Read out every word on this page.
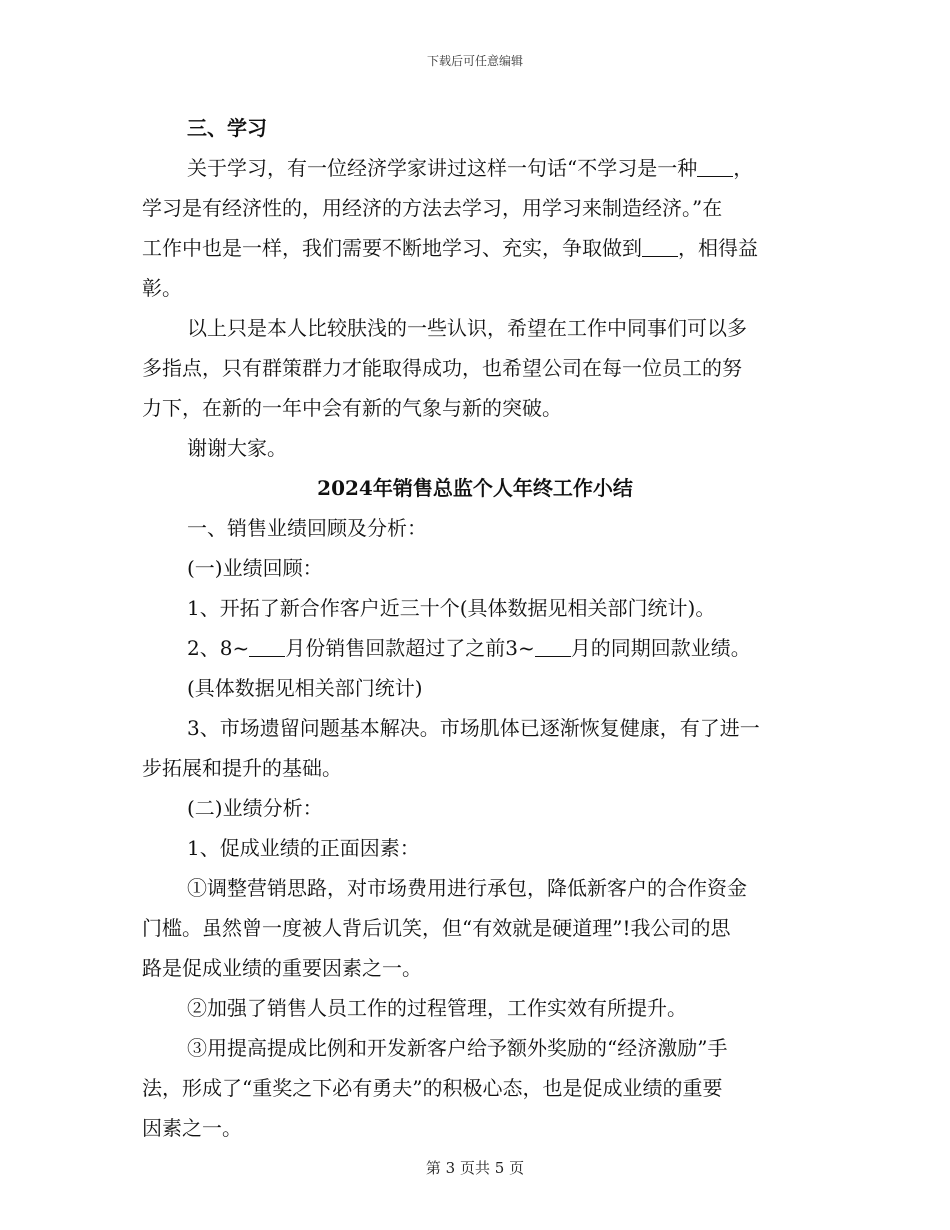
下载后可任意编辑

三、学习

关于学习，有一位经济学家讲过这样一句话“不学习是一种 ，

学习是有经济性的，用经济的方法去学习，用学习来制造经济。”在

工作中也是一样，我们需要不断地学习、充实，争取做到 ，相得益

彰。

以上只是本人比较肤浅的一些认识，希望在工作中同事们可以多

多指点，只有群策群力才能取得成功，也希望公司在每一位员工的努

力下，在新的一年中会有新的气象与新的突破。

谢谢大家。

2024年销售总监个人年终工作小结

一、销售业绩回顾及分析：

(一)业绩回顾：

1、开拓了新合作客户近三十个(具体数据见相关部门统计)。

2、8~ 月份销售回款超过了之前3~ 月的同期回款业绩。

(具体数据见相关部门统计)

3、市场遗留问题基本解决。市场肌体已逐渐恢复健康，有了进一

步拓展和提升的基础。

(二)业绩分析：

1、促成业绩的正面因素：

①调整营销思路，对市场费用进行承包，降低新客户的合作资金

门槛。虽然曾一度被人背后讥笑，但“有效就是硬道理”!我公司的思

路是促成业绩的重要因素之一。

②加强了销售人员工作的过程管理，工作实效有所提升。

③用提高提成比例和开发新客户给予额外奖励的“经济激励”手

法，形成了“重奖之下必有勇夫”的积极心态，也是促成业绩的重要

因素之一。

第 3 页共 5 页
